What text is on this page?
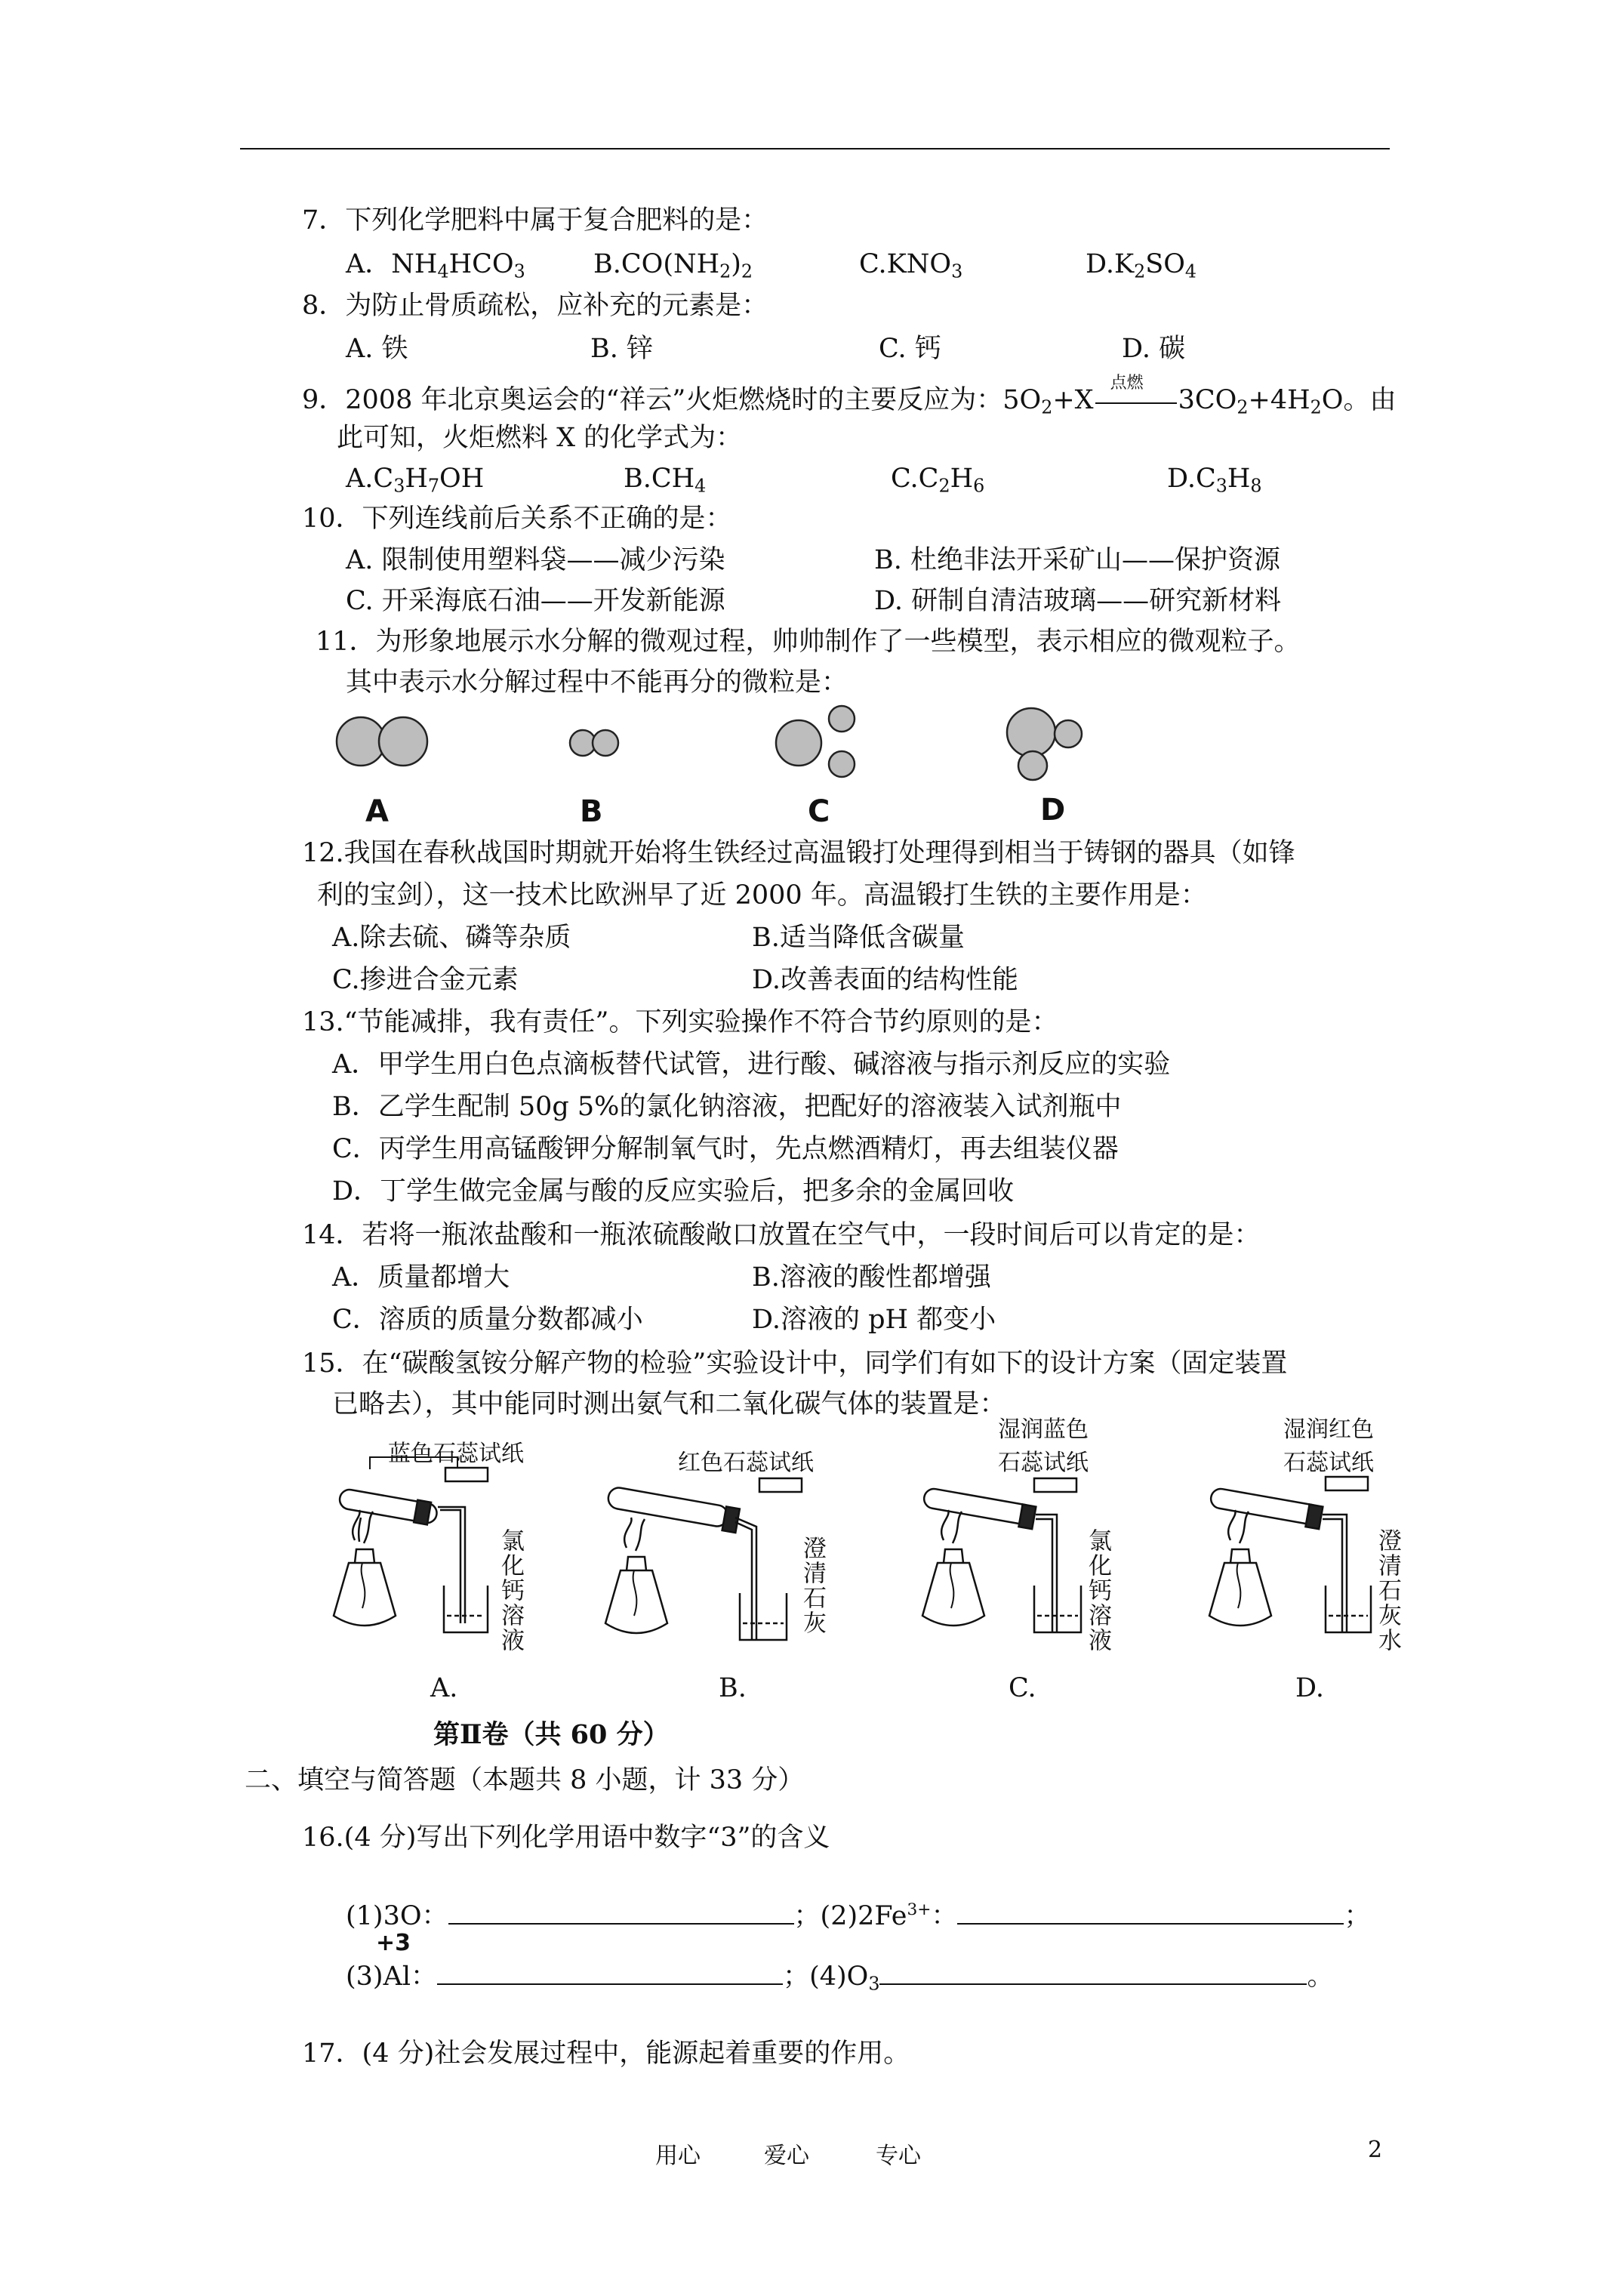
7．下列化学肥料中属于复合肥料的是：
A．$NH_4HCO_3$	$B.CO(NH_2)_2$	$C.KNO_3$	$D.K_2SO_4$
8．为防止骨质疏松，应补充的元素是：
A. 铁	B. 锌	C. 钙	D. 碳
9．2008 年北京奥运会的“祥云”火炬燃烧时的主要反应为：$5O_2+X$
点燃
$3CO_2+4H_2O$。由
此可知，火炬燃料 X 的化学式为：
$A.C_3H_7OH$	$B.CH_4$	$C.C_2H_6$	$D.C_3H_8$
10．下列连线前后关系不正确的是：
A. 限制使用塑料袋——减少污染	B. 杜绝非法开采矿山——保护资源
C. 开采海底石油——开发新能源	D. 研制自清洁玻璃——研究新材料
11．为形象地展示水分解的微观过程，帅帅制作了一些模型，表示相应的微观粒子。
其中表示水分解过程中不能再分的微粒是：
A	B	C	D
12.我国在春秋战国时期就开始将生铁经过高温锻打处理得到相当于铸钢的器具（如锋
利的宝剑），这一技术比欧洲早了近 2000 年。高温锻打生铁的主要作用是：
A.除去硫、磷等杂质	B.适当降低含碳量
C.掺进合金元素	D.改善表面的结构性能
13.“节能减排，我有责任”。下列实验操作不符合节约原则的是：
A．甲学生用白色点滴板替代试管，进行酸、碱溶液与指示剂反应的实验
B．乙学生配制 50g 5%的氯化钠溶液，把配好的溶液装入试剂瓶中
C．丙学生用高锰酸钾分解制氧气时，先点燃酒精灯，再去组装仪器
D．丁学生做完金属与酸的反应实验后，把多余的金属回收
14．若将一瓶浓盐酸和一瓶浓硫酸敞口放置在空气中，一段时间后可以肯定的是：
A．质量都增大	B.溶液的酸性都增强
C．溶质的质量分数都减小	D.溶液的 pH 都变小
15．在“碳酸氢铵分解产物的检验”实验设计中，同学们有如下的设计方案（固定装置
已略去），其中能同时测出氨气和二氧化碳气体的装置是：
蓝色石蕊试纸	红色石蕊试纸
湿润蓝色
石蕊试纸
湿润红色
石蕊试纸
氯化钙溶液	澄清石灰	氯化钙溶液	澄清石灰水
A.	B.	C.	D.
第Ⅱ卷（共 60 分）
二、填空与简答题（本题共 8 小题，计 33 分）
16.(4 分)写出下列化学用语中数字“3”的含义
(1)3O：	；$(2)2Fe^{3+}$：	；
+3
(3)Al：	；$(4)O_3$	。
17．(4 分)社会发展过程中，能源起着重要的作用。
用心	爱心	专心	2
